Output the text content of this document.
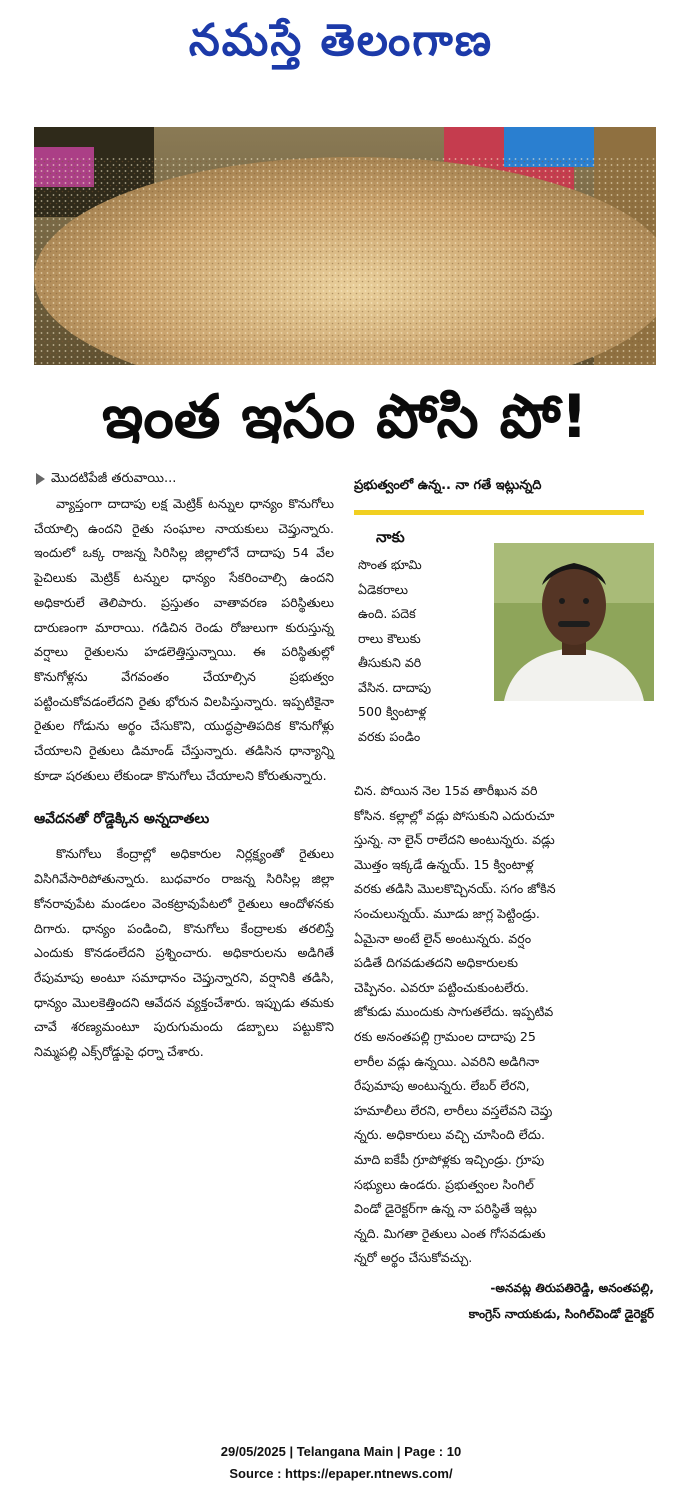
నమస్తే తెలంగాణ
ఇంత ఇసం పోసి పో!
మొదటిపేజీ తరువాయి...

వ్యాప్తంగా దాదాపు లక్ష మెట్రిక్ టన్నుల ధాన్యం కొనుగోలు చేయాల్సి ఉందని రైతు సంఘాల నాయకులు చెప్తున్నారు. ఇందులో ఒక్క రాజన్న సిరిసిల్ల జిల్లాలోనే దాదాపు 54 వేల పైచిలుకు మెట్రిక్ టన్నుల ధాన్యం సేకరించాల్సి ఉందని అధికారులే తెలిపారు. ప్రస్తుతం వాతావరణ పరిస్థితులు దారుణంగా మారాయి. గడిచిన రెండు రోజులుగా కురుస్తున్న వర్షాలు రైతులను హడలెత్తిస్తున్నాయి. ఈ పరిస్థితుల్లో కొనుగోళ్లను వేగవంతం చేయాల్సిన ప్రభుత్వం పట్టించుకోవడంలేదని రైతు భోరున విలపిస్తున్నారు. ఇప్పటికైనా రైతుల గోడును అర్థం చేసుకొని, యుద్ధప్రాతిపదిక కొనుగోళ్లు చేయాలని రైతులు డిమాండ్ చేస్తున్నారు. తడిసిన ధాన్యాన్ని కూడా షరతులు లేకుండా కొనుగోలు చేయాలని కోరుతున్నారు.

ఆవేదనతో రోడ్డెక్కిన అన్నదాతలు

కొనుగోలు కేంద్రాల్లో అధికారుల నిర్లక్ష్యంతో రైతులు విసిగివేసారిపోతున్నారు. బుధవారం రాజన్న సిరిసిల్ల జిల్లా కోనరావుపేట మండలం వెంకట్రావుపేటలో రైతులు ఆందోళనకు దిగారు. ధాన్యం పండించి, కొనుగోలు కేంద్రాలకు తరలిస్తే ఎందుకు కొనడంలేదని ప్రశ్నించారు. అధికారులను అడిగితే రేపుమాపు అంటూ సమాధానం చెప్తున్నారని, వర్షానికి తడిసి, ధాన్యం మొలకెత్తిందని ఆవేదన వ్యక్తంచేశారు. ఇప్పుడు తమకు చావే శరణ్యమంటూ పురుగుమందు డబ్బాలు పట్టుకొని నిమ్మపల్లి ఎక్స్‌రోడ్డుపై ధర్నా చేశారు.

ప్రభుత్వంలో ఉన్న.. నా గతే ఇట్లున్నది
నాకు
సొంత భూమి
ఏడెకరాలు
ఉంది. పదెక
రాలు కౌలుకు
తీసుకుని వరి
వేసిన. దాదాపు
500 క్వింటాళ్ల
వరకు పండిం
చిన. పోయిన నెల 15వ తారీఖున వరి
కోసిన. కల్లాల్లో వడ్లు పోసుకుని ఎదురుచూ
స్తున్న. నా లైన్ రాలేదని అంటున్నరు. వడ్లు
మొత్తం ఇక్కడే ఉన్నయ్. 15 క్వింటాళ్ల
వరకు తడిసి మొలకొచ్చినయ్. సగం జోకిన
సంచులున్నయ్. మూడు జాగ్ల పెట్టిండ్రు.
ఏమైనా అంటే లైన్ అంటున్నరు. వర్షం
పడితే దిగవడుతదని అధికారులకు
చెప్పినం. ఎవరూ పట్టించుకుంటలేరు.
జోకుడు ముందుకు సాగుతలేదు. ఇప్పటివ
రకు అనంతపల్లి గ్రామంల దాదాపు 25
లారీల వడ్లు ఉన్నయి. ఎవరిని అడిగినా
రేపుమాపు అంటున్నరు. లేబర్ లేరని,
హమాలీలు లేరని, లారీలు వస్తలేవని చెప్తు
న్నరు. అధికారులు వచ్చి చూసింది లేదు.
మాది ఐకేపీ గ్రూపోళ్లకు ఇచ్చిండ్రు. గ్రూపు
సభ్యులు ఉండరు. ప్రభుత్వంల సింగిల్
విండో డైరెక్టర్‌గా ఉన్న నా పరిస్థితే ఇట్లు
న్నది. మిగతా రైతులు ఎంత గోసవడుతు
న్నరో అర్థం చేసుకోవచ్చు.
-అనవట్ల తిరుపతిరెడ్డి, అనంతపల్లి,
కాంగ్రెస్ నాయకుడు, సింగిల్‌విండో డైరెక్టర్
29/05/2025 | Telangana Main | Page : 10
Source : https://epaper.ntnews.com/
